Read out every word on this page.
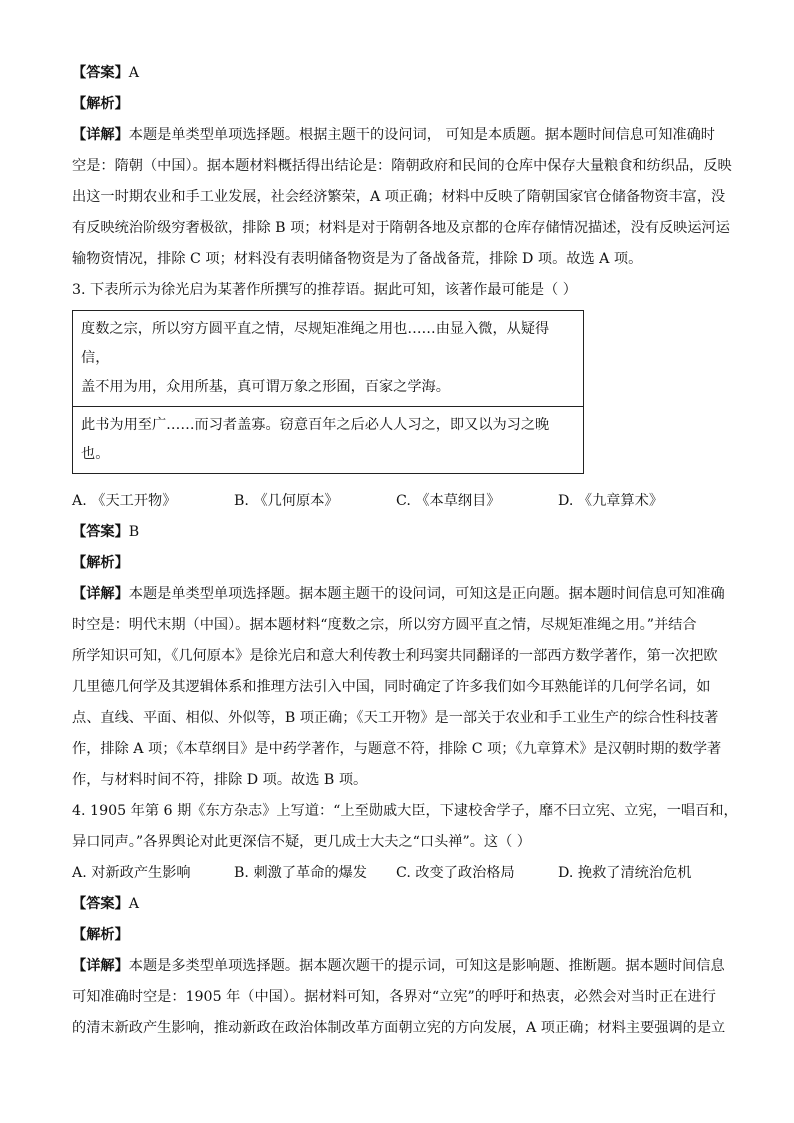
【答案】A
【解析】
【详解】本题是单类型单项选择题。根据主题干的设问词， 可知是本质题。据本题时间信息可知准确时
空是：隋朝（中国）。据本题材料概括得出结论是：隋朝政府和民间的仓库中保存大量粮食和纺织品，反映
出这一时期农业和手工业发展，社会经济繁荣，A 项正确；材料中反映了隋朝国家官仓储备物资丰富，没
有反映统治阶级穷奢极欲，排除 B 项；材料是对于隋朝各地及京都的仓库存储情况描述，没有反映运河运
输物资情况，排除 C 项；材料没有表明储备物资是为了备战备荒，排除 D 项。故选 A 项。
3. 下表所示为徐光启为某著作所撰写的推荐语。据此可知，该著作最可能是（ ）
度数之宗，所以穷方圆平直之情，尽规矩准绳之用也……由显入微，从疑得信，
盖不用为用，众用所基，真可谓万象之形囿，百家之学海。

此书为用至广……而习者盖寡。窃意百年之后必人人习之，即又以为习之晚也。
A. 《天工开物》	B. 《几何原本》	C. 《本草纲目》	D. 《九章算术》
【答案】B
【解析】
【详解】本题是单类型单项选择题。据本题主题干的设问词，可知这是正向题。据本题时间信息可知准确
时空是：明代末期（中国）。据本题材料“度数之宗，所以穷方圆平直之情，尽规矩准绳之用。”并结合
所学知识可知，《几何原本》是徐光启和意大利传教士利玛窦共同翻译的一部西方数学著作，第一次把欧
几里德几何学及其逻辑体系和推理方法引入中国，同时确定了许多我们如今耳熟能详的几何学名词，如
点、直线、平面、相似、外似等，B 项正确；《天工开物》是一部关于农业和手工业生产的综合性科技著
作，排除 A 项；《本草纲目》是中药学著作，与题意不符，排除 C 项；《九章算术》是汉朝时期的数学著
作，与材料时间不符，排除 D 项。故选 B 项。
4. 1905 年第 6 期《东方杂志》上写道：“上至勋戚大臣，下逮校舍学子，靡不曰立宪、立宪，一唱百和，
异口同声。”各界舆论对此更深信不疑，更几成士大夫之“口头禅”。这（ ）
A. 对新政产生影响	B. 刺激了革命的爆发	C. 改变了政治格局	D. 挽救了清统治危机
【答案】A
【解析】
【详解】本题是多类型单项选择题。据本题次题干的提示词，可知这是影响题、推断题。据本题时间信息
可知准确时空是：1905 年（中国）。据材料可知，各界对“立宪”的呼吁和热衷，必然会对当时正在进行
的清末新政产生影响，推动新政在政治体制改革方面朝立宪的方向发展，A 项正确；材料主要强调的是立
